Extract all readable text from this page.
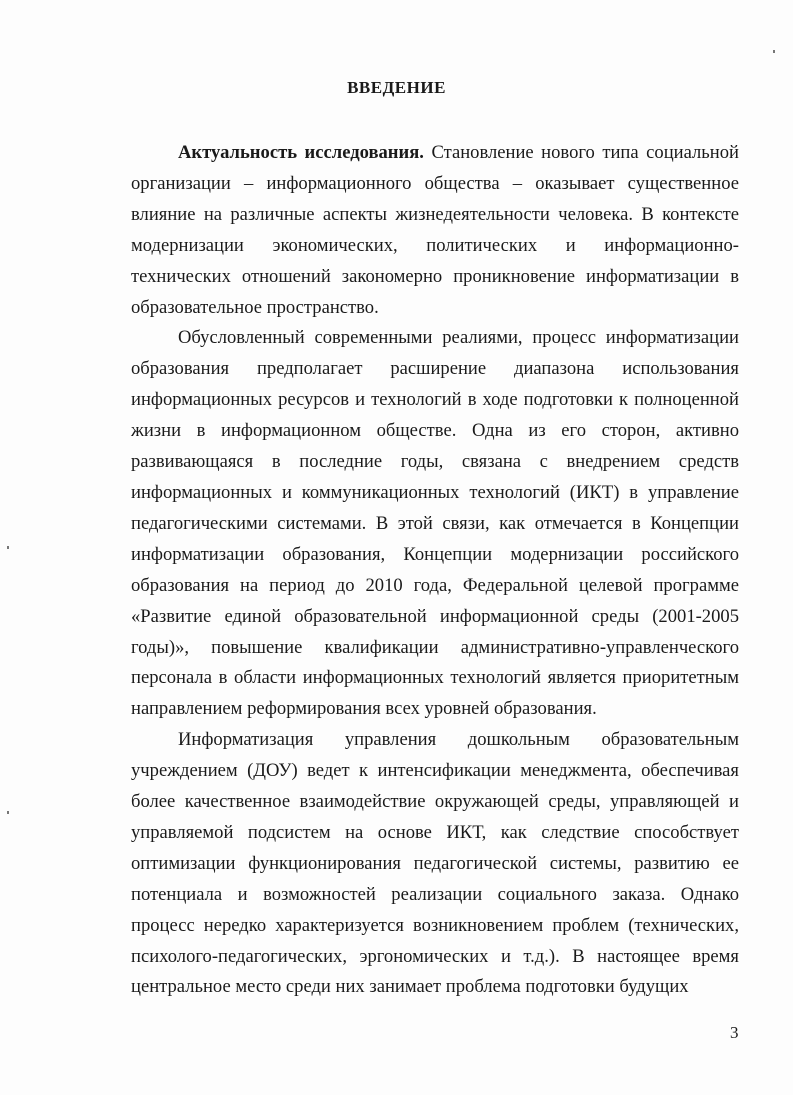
ВВЕДЕНИЕ

Актуальность исследования. Становление нового типа социальной организации – информационного общества – оказывает существенное влияние на различные аспекты жизнедеятельности человека. В контексте модернизации экономических, политических и информационно-технических отношений закономерно проникновение информатизации в образовательное пространство.

Обусловленный современными реалиями, процесс информатизации образования предполагает расширение диапазона использования информационных ресурсов и технологий в ходе подготовки к полноценной жизни в информационном обществе. Одна из его сторон, активно развивающаяся в последние годы, связана с внедрением средств информационных и коммуникационных технологий (ИКТ) в управление педагогическими системами. В этой связи, как отмечается в Концепции информатизации образования, Концепции модернизации российского образования на период до 2010 года, Федеральной целевой программе «Развитие единой образовательной информационной среды (2001-2005 годы)», повышение квалификации административно-управленческого персонала в области информационных технологий является приоритетным направлением реформирования всех уровней образования.

Информатизация управления дошкольным образовательным учреждением (ДОУ) ведет к интенсификации менеджмента, обеспечивая более качественное взаимодействие окружающей среды, управляющей и управляемой подсистем на основе ИКТ, как следствие способствует оптимизации функционирования педагогической системы, развитию ее потенциала и возможностей реализации социального заказа. Однако процесс нередко характеризуется возникновением проблем (технических, психолого-педагогических, эргономических и т.д.). В настоящее время центральное место среди них занимает проблема подготовки будущих

3
